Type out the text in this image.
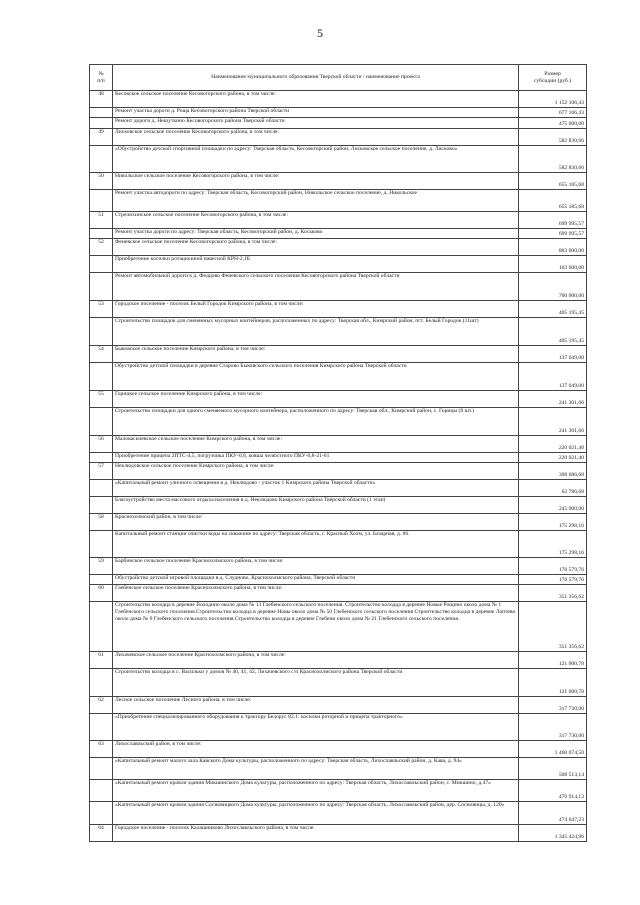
5
№
п/п	Наименование муниципального образования Тверской области / наименование проекта	Размер
субсидии (руб.)
48	Кесовское сельское поселение Кесовогорского района, в том числе:	1 152 106,43
	Ремонт участка дороги д. Роща Кесовогорского района Тверской области	677 106,43
	Ремонт дороги д. Нешуткино Кесовогорского района Тверской области	475 000,00
49	Лисковское сельское поселение Кесовогорского района, в том числе:	582 830,66
	«Обустройство детской спортивной площадки по адресу: Тверская область, Кесовогорский район, Лисковское сельское поселение, д. Лисково»	582 830,66
50	Никольское сельское поселение Кесовогорского района, в том числе:	655 185,68
	Ремонт участка автодороги по адресу: Тверская область, Кесовогорский район, Никольское сельское поселение, д. Никольское	655 185,68
51	Стрелихинское сельское поселение Кесовогорского района, в том числе:	699 995,57
	Ремонт участка дороги по адресу: Тверская область, Кесовогорский район, д. Коськово	699 995,57
52	Феневское сельское поселение Кесовогорского района, в том числе:	803 600,00
	Приобретение косилки ротационной навесной КРН-2,1Б	103 600,00
	Ремонт автомобильной дороги к д. Федцово Феневского сельского поселения Кесовогорского района Тверской области	700 000,00
53	Городское поселение - поселок Белый Городок Кимрского района, в том числе:	405 195,45
	Строительство площадок для сменяемых мусорных контейнеров, расположенных по адресу: Тверская обл., Кимрский район, пгт. Белый Городок (11шт)	405 195,45
54	Быковское сельское поселение Кимрского района, в том числе:	137 049,00
	Обустройство детской площадки в деревне Старово Быковского сельского поселения Кимрского района Тверской области	137 049,00
55	Горицкое сельское поселение Кимрского района, в том числе:	241 301,66
	Строительство площадки для одного сменяемого мусорного контейнера, расположенного по адресу: Тверская обл., Кимрский район, с. Горицы (8 шт.)	241 301,66
56	Маловасилевское сельское поселение Кимрского района, в том числе:	220 021,40
	Приобретение прицепа 2ПТС-4,5, погрузчика ПКУ-0,8, ковша челюстного ПКУ-0,8-21-01	220 021,40
57	Неклюдовское сельское поселение Кимрского района, в том числе:	308 686,68
	«Капитальный ремонт уличного освещения в д. Неклюдово - участок 1 Кимрского района Тверской области»	62 786,68
	Благоустройство места массового отдыха населения в д. Неклюдово Кимрского района Тверской области (1 этап)	245 900,00
58	Краснохолмский район, в том числе:	175 298,16
	Капитальный ремонт станции очистки воды на скважине по адресу: Тверская область, г. Красный Холм, ул. Базарная, д. 86.	175 298,16
59	Барбинское сельское поселение Краснохолмского района, в том числе:	176 579,76
	Обустройство детской игровой площадки в д. Слудново, Краснохолмского района, Тверской области	176 579,76
60	Глебенское сельское поселение Краснохолмского района, в том числе:	351 356,62
	Строительство колодца в деревне Володино около дома № 13 Глебенского сельского поселения. Строительство колодца в деревне Новые Рощино около дома № 1 Глебенского сельского поселения.Строительство колодца в деревне Новы около дома № 50 Глебенского сельского поселения Строительство колодца в деревне Лаптево около дома № 9 Глебенского сельского поселения.Строительство колодца в деревне Глебени около дома № 21 Глебенского сельского поселения.	351 356,62
61	Лихачевское сельское поселение Краснохолмского района, в том числе:	121 000,78
	Строительство колодца в с. Васильки у домов № 40, 41, 42, Лихачевского с/п Краснохолмского района Тверской области	121 000,78
62	Лесное сельское поселение Лесного района, в том числе:	317 730,00
	«Приобретение специализированного оборудования к трактору Белорус 82.1: косилки роторной и прицепа тракторного»	317 730,00
63	Лихославльский район, в том числе:	1 460 074,50
	«Капитальный ремонт малого зала Кавского Дома культуры, расположенного по адресу: Тверская область, Лихославльский район, д. Кава, д. 94»	508 513,14
	«Капитальный ремонт кровли здания Микшинского Дома культуры, расположенного по адресу: Тверская область, Лихославльский район, с. Микшино, д.47»	476 914,13
	«Капитальный ремонт кровли здания Сосновицкого Дома культуры, расположенного по адресу: Тверская область, Лихославльский район, дер. Сосновицы, д. 120»	474 647,23
64	Городское поселение - поселок Калашниково Лихославльского района, в том числе:	1 345 424,96
